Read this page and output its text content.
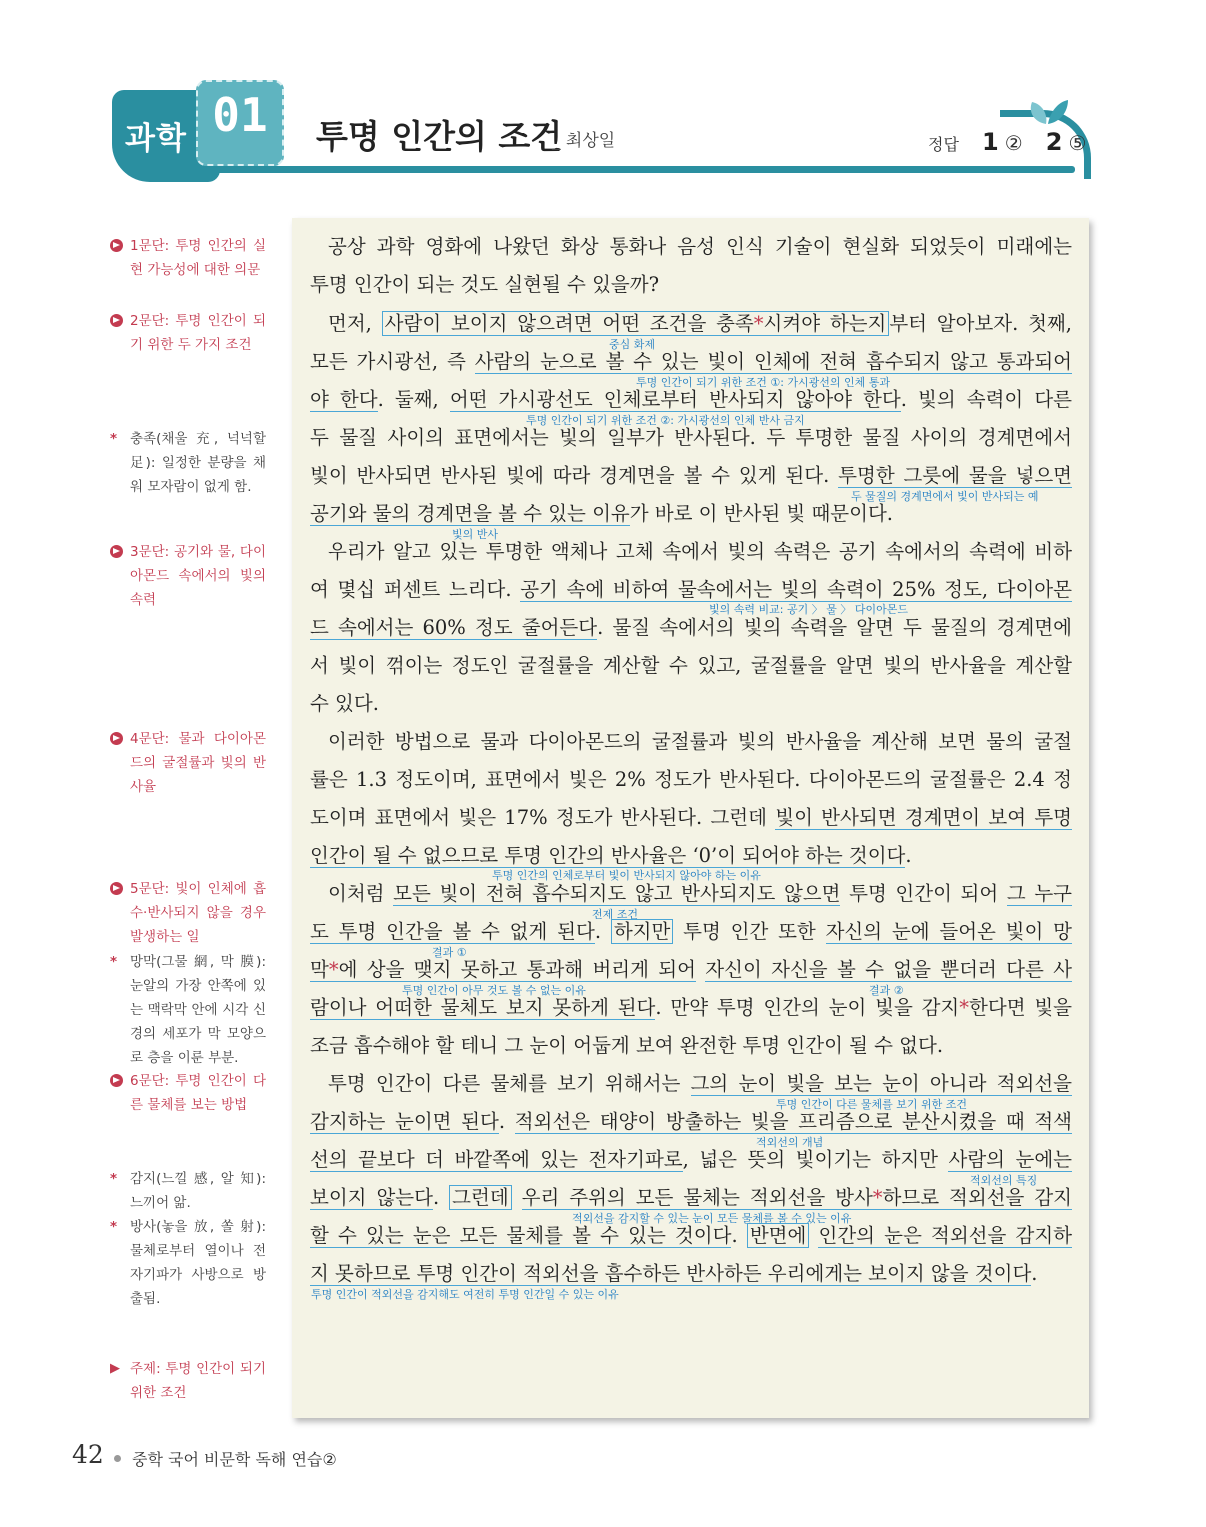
과학 01	투명 인간의 조건
_ 최상일	정답 1 ② 2 ⑤
1문단: 투명 인간의 실현 가능성에 대한 의문
2문단: 투명 인간이 되기 위한 두 가지 조건
* 충족(채울 充, 넉넉할 足): 일정한 분량을 채워 모자람이 없게 함.
3문단: 공기와 물, 다이아몬드 속에서의 빛의 속력
4문단: 물과 다이아몬드의 굴절률과 빛의 반사율
5문단: 빛이 인체에 흡수·반사되지 않을 경우 발생하는 일
* 망막(그물 網, 막 膜): 눈알의 가장 안쪽에 있는 맥락막 안에 시각 신경의 세포가 막 모양으로 층을 이룬 부분.
6문단: 투명 인간이 다른 물체를 보는 방법
* 감지(느낄 感, 알 知): 느끼어 앎.
* 방사(놓을 放, 쏠 射): 물체로부터 열이나 전자기파가 사방으로 방출됨.
▶ 주제: 투명 인간이 되기 위한 조건
공상 과학 영화에 나왔던 화상 통화나 음성 인식 기술이 현실화 되었듯이 미래에는
투명 인간이 되는 것도 실현될 수 있을까?
먼저, 사람이 보이지 않으려면 어떤 조건을 충족*시켜야 하는지 부터 알아보자. 첫째,
중심 화제
모든 가시광선, 즉 사람의 눈으로 볼 수 있는 빛이 인체에 전혀 흡수되지 않고 통과되어
투명 인간이 되기 위한 조건 ①: 가시광선의 인체 통과
야 한다. 둘째, 어떤 가시광선도 인체로부터 반사되지 않아야 한다. 빛의 속력이 다른
투명 인간이 되기 위한 조건 ②: 가시광선의 인체 반사 금지
두 물질 사이의 표면에서는 빛의 일부가 반사된다. 두 투명한 물질 사이의 경계면에서
빛이 반사되면 반사된 빛에 따라 경계면을 볼 수 있게 된다. 투명한 그릇에 물을 넣으면
두 물질의 경계면에서 빛이 반사되는 예
공기와 물의 경계면을 볼 수 있는 이유가 바로 이 반사된 빛 때문이다.
빛의 반사
우리가 알고 있는 투명한 액체나 고체 속에서 빛의 속력은 공기 속에서의 속력에 비하
여 몇십 퍼센트 느리다. 공기 속에 비하여 물속에서는 빛의 속력이 25% 정도, 다이아몬
빛의 속력 비교: 공기 〉 물 〉 다이아몬드
드 속에서는 60% 정도 줄어든다. 물질 속에서의 빛의 속력을 알면 두 물질의 경계면에
서 빛이 꺾이는 정도인 굴절률을 계산할 수 있고, 굴절률을 알면 빛의 반사율을 계산할
수 있다.
이러한 방법으로 물과 다이아몬드의 굴절률과 빛의 반사율을 계산해 보면 물의 굴절
률은 1.3 정도이며, 표면에서 빛은 2% 정도가 반사된다. 다이아몬드의 굴절률은 2.4 정
도이며 표면에서 빛은 17% 정도가 반사된다. 그런데 빛이 반사되면 경계면이 보여 투명
인간이 될 수 없으므로 투명 인간의 반사율은 ‘0’이 되어야 하는 것이다.
투명 인간의 인체로부터 빛이 반사되지 않아야 하는 이유
이처럼 모든 빛이 전혀 흡수되지도 않고 반사되지도 않으면 투명 인간이 되어 그 누구
전제 조건
도 투명 인간을 볼 수 없게 된다. 하지만 투명 인간 또한 자신의 눈에 들어온 빛이 망
결과 ①
막*에 상을 맺지 못하고 통과해 버리게 되어 자신이 자신을 볼 수 없을 뿐더러 다른 사
투명 인간이 아무 것도 볼 수 없는 이유	결과 ②
람이나 어떠한 물체도 보지 못하게 된다. 만약 투명 인간의 눈이 빛을 감지*한다면 빛을
조금 흡수해야 할 테니 그 눈이 어둡게 보여 완전한 투명 인간이 될 수 없다.
투명 인간이 다른 물체를 보기 위해서는 그의 눈이 빛을 보는 눈이 아니라 적외선을
투명 인간이 다른 물체를 보기 위한 조건
감지하는 눈이면 된다. 적외선은 태양이 방출하는 빛을 프리즘으로 분산시켰을 때 적색
적외선의 개념
선의 끝보다 더 바깥쪽에 있는 전자기파로, 넓은 뜻의 빛이기는 하지만 사람의 눈에는
적외선의 특징
보이지 않는다. 그런데 우리 주위의 모든 물체는 적외선을 방사*하므로 적외선을 감지
적외선을 감지할 수 있는 눈이 모든 물체를 볼 수 있는 이유
할 수 있는 눈은 모든 물체를 볼 수 있는 것이다. 반면에 인간의 눈은 적외선을 감지하
지 못하므로 투명 인간이 적외선을 흡수하든 반사하든 우리에게는 보이지 않을 것이다.
투명 인간이 적외선을 감지해도 여전히 투명 인간일 수 있는 이유
42 중학 국어 비문학 독해 연습②
